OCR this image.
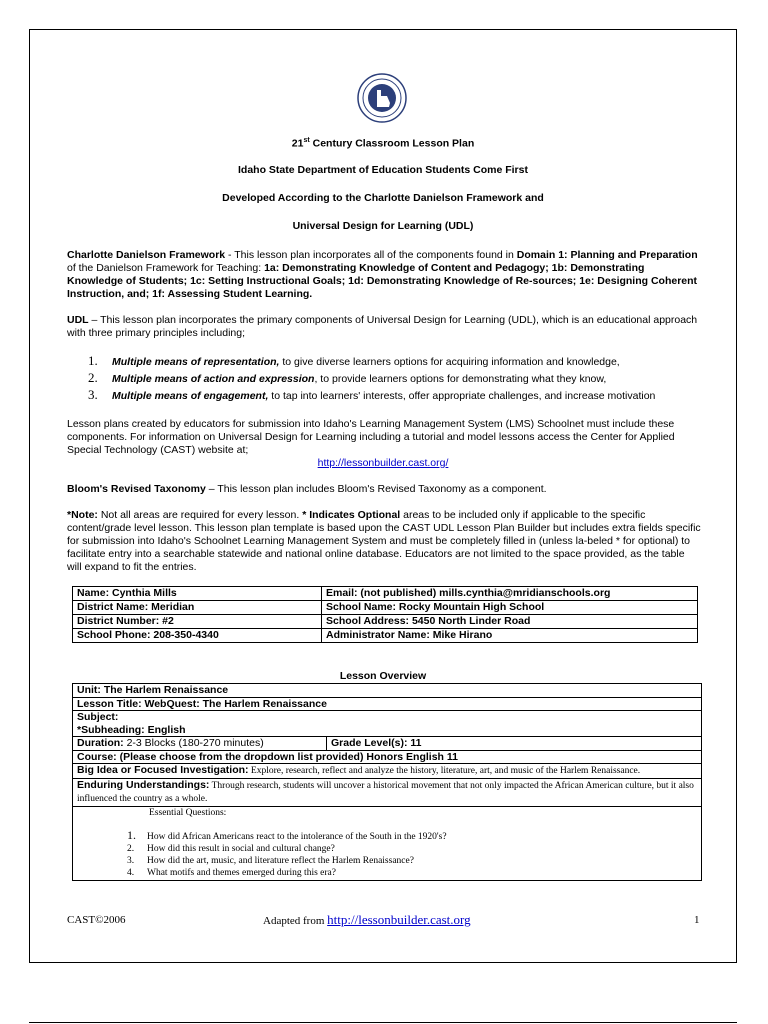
21st Century Classroom Lesson Plan
Idaho State Department of Education Students Come First
Developed According to the Charlotte Danielson Framework and
Universal Design for Learning (UDL)
Charlotte Danielson Framework - This lesson plan incorporates all of the components found in Domain 1: Planning and Preparation of the Danielson Framework for Teaching: 1a: Demonstrating Knowledge of Content and Pedagogy; 1b: Demonstrating Knowledge of Students; 1c: Setting Instructional Goals; 1d: Demonstrating Knowledge of Re-sources; 1e: Designing Coherent Instruction, and; 1f: Assessing Student Learning.
UDL – This lesson plan incorporates the primary components of Universal Design for Learning (UDL), which is an educational approach with three primary principles including;
1. Multiple means of representation, to give diverse learners options for acquiring information and knowledge,
2. Multiple means of action and expression, to provide learners options for demonstrating what they know,
3. Multiple means of engagement, to tap into learners' interests, offer appropriate challenges, and increase motivation
Lesson plans created by educators for submission into Idaho's Learning Management System (LMS) Schoolnet must include these components. For information on Universal Design for Learning including a tutorial and model lessons access the Center for Applied Special Technology (CAST) website at;
http://lessonbuilder.cast.org/
Bloom's Revised Taxonomy – This lesson plan includes Bloom's Revised Taxonomy as a component.
*Note: Not all areas are required for every lesson. * Indicates Optional areas to be included only if applicable to the specific content/grade level lesson. This lesson plan template is based upon the CAST UDL Lesson Plan Builder but includes extra fields specific for submission into Idaho's Schoolnet Learning Management System and must be completely filled in (unless la-beled * for optional) to facilitate entry into a searchable statewide and national online database. Educators are not limited to the space provided, as the table will expand to fit the entries.
Name: Cynthia Mills	Email: (not published) mills.cynthia@mridianschools.org
District Name: Meridian	School Name: Rocky Mountain High School
District Number: #2	School Address: 5450 North Linder Road
School Phone: 208-350-4340	Administrator Name: Mike Hirano
Lesson Overview
Unit: The Harlem Renaissance
Lesson Title: WebQuest: The Harlem Renaissance

Subject:
*Subheading: English

Duration: 2-3 Blocks (180-270 minutes)	Grade Level(s): 11
Course: (Please choose from the dropdown list provided) Honors English 11
Big Idea or Focused Investigation: Explore, research, reflect and analyze the history, literature, art, and music of the Harlem Renaissance.
Enduring Understandings: Through research, students will uncover a historical movement that not only impacted the African American culture, but it also influenced the country as a whole.

Essential Questions:
1. How did African Americans react to the intolerance of the South in the 1920's?
2. How did this result in social and cultural change?
3. How did the art, music, and literature reflect the Harlem Renaissance?
4. What motifs and themes emerged during this era?
CAST©2006	Adapted from http://lessonbuilder.cast.org	1
